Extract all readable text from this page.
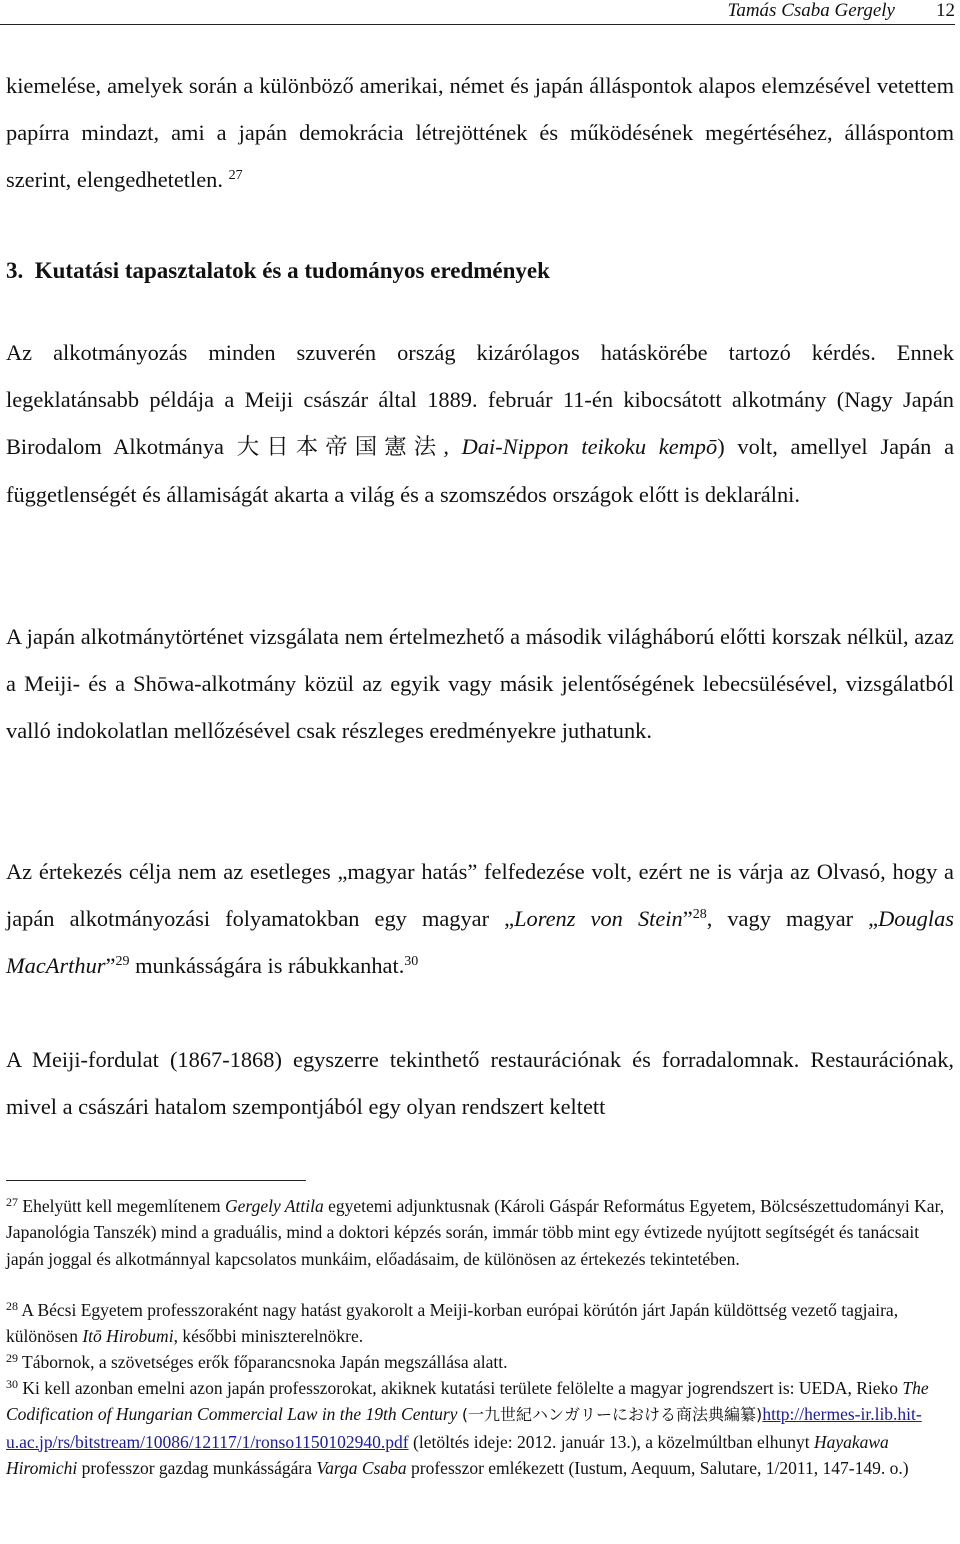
Tamás Csaba Gergely 12

kiemelése, amelyek során a különböző amerikai, német és japán álláspontok alapos elemzésével vetettem papírra mindazt, ami a japán demokrácia létrejöttének és működésének megértéséhez, álláspontom szerint, elengedhetetlen. $^{27}$

3. Kutatási tapasztalatok és a tudományos eredmények

Az alkotmányozás minden szuverén ország kizárólagos hatáskörébe tartozó kérdés. Ennek legeklatánsabb példája a Meiji császár által 1889. február 11-én kibocsátott alkotmány (Nagy Japán Birodalom Alkotmánya 大日本帝国憲法, Dai-Nippon teikoku kempō) volt, amellyel Japán a függetlenségét és államiságát akarta a világ és a szomszédos országok előtt is deklarálni.

A japán alkotmánytörténet vizsgálata nem értelmezhető a második világháború előtti korszak nélkül, azaz a Meiji- és a Shōwa-alkotmány közül az egyik vagy másik jelentőségének lebecsülésével, vizsgálatból valló indokolatlan mellőzésével csak részleges eredményekre juthatunk.

Az értekezés célja nem az esetleges „magyar hatás” felfedezése volt, ezért ne is várja az Olvasó, hogy a japán alkotmányozási folyamatokban egy magyar „Lorenz von Stein”$^{28}$, vagy magyar „Douglas MacArthur”$^{29}$ munkásságára is rábukkanhat.$^{30}$

A Meiji-fordulat (1867-1868) egyszerre tekinthető restaurációnak és forradalomnak. Restaurációnak, mivel a császári hatalom szempontjából egy olyan rendszert keltett

$^{27}$ Ehelyütt kell megemlítenem Gergely Attila egyetemi adjunktusnak (Károli Gáspár Református Egyetem, Bölcsészettudományi Kar, Japanológia Tanszék) mind a graduális, mind a doktori képzés során, immár több mint egy évtizede nyújtott segítségét és tanácsait japán joggal és alkotmánnyal kapcsolatos munkáim, előadásaim, de különösen az értekezés tekintetében.

$^{28}$ A Bécsi Egyetem professzoraként nagy hatást gyakorolt a Meiji-korban európai körútón járt Japán küldöttség vezető tagjaira, különösen Itō Hirobumi, későbbi miniszterelnökre.

$^{29}$ Tábornok, a szövetséges erők főparancsnoka Japán megszállása alatt.

$^{30}$ Ki kell azonban emelni azon japán professzorokat, akiknek kutatási területe felölelte a magyar jogrendszert is: UEDA, Rieko The Codification of Hungarian Commercial Law in the 19th Century (一九世紀ハンガリーにおける商法典編纂)http://hermes-ir.lib.hit-u.ac.jp/rs/bitstream/10086/12117/1/ronso1150102940.pdf (letöltés ideje: 2012. január 13.), a közelmúltban elhunyt Hayakawa Hiromichi professzor gazdag munkásságára Varga Csaba professzor emlékezett (Iustum, Aequum, Salutare, 1/2011, 147-149. o.)
